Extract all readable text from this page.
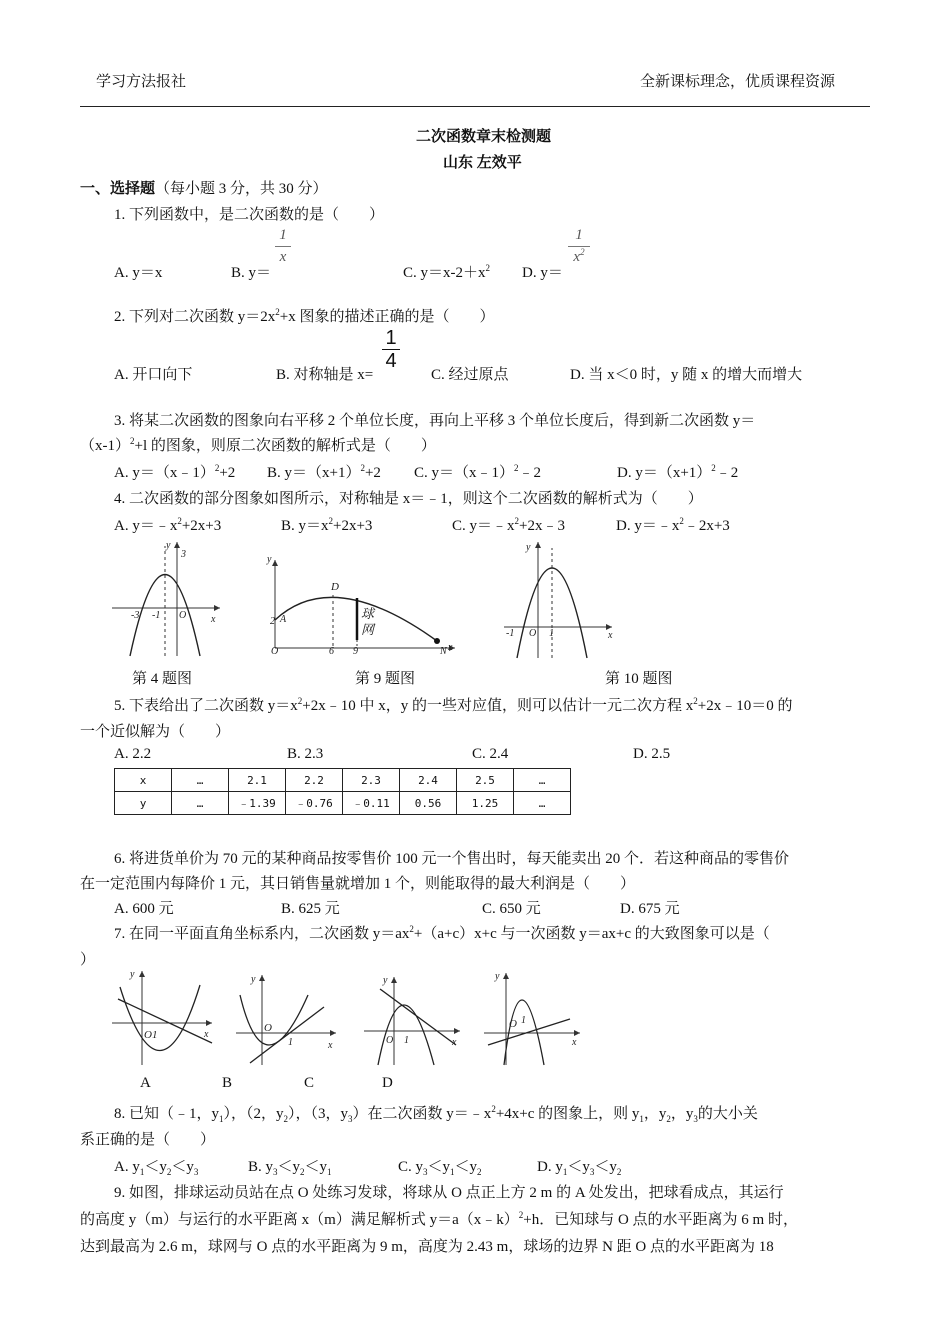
学习方法报社	全新课标理念，优质课程资源
二次函数章末检测题
山东 左效平
一、选择题（每小题 3 分，共 30 分）
1. 下列函数中，是二次函数的是（　　）
A. y＝x	B. y＝
1
x
C. $y=x-2+x^2$ D. y＝
1
$x^2$
2. 下列对二次函数 $y=2x^2+x$ 图象的描述正确的是（　　）
A. 开口向下	B. 对称轴是 x=
1
4
C. 经过原点	D. 当 x＜0 时，y 随 x 的增大而增大
3. 将某二次函数的图象向右平移 2 个单位长度，再向上平移 3 个单位长度后，得到新二次函数 y＝
$(x-1)^2+l$ 的图象，则原二次函数的解析式是（　　）
A. y＝（x﹣1）$^2$+2 B. $y=(x+1)^2+2$ C. y＝（x﹣1）$^2$﹣2	D. $y=(x+1)^2﹣2$
4. 二次函数的部分图象如图所示，对称轴是 x＝﹣1，则这个二次函数的解析式为（　　）
A. $y=﹣x^2+2x+3$	B. $y=x^2+2x+3$	C. $y=﹣x^2+2x﹣3$	D. $y=﹣x^2﹣2x+3$
y
x
3
-3 -1 O
第 4 题图
y
x
D
A
2
O	6 9	N
球
网
第 9 题图
y
x
-1 O 1
第 10 题图
5. 下表给出了二次函数 $y=x^2+2x﹣10$ 中 x，y 的一些对应值，则可以估计一元二次方程 $x^2+2x﹣10=0$ 的
一个近似解为（　　）
A. 2.2	B. 2.3	C. 2.4	D. 2.5
x	…	2.1	2.2	2.3	2.4	2.5	…
y	…	﹣1.39	﹣0.76	﹣0.11	0.56	1.25	…
6. 将进货单价为 70 元的某种商品按零售价 100 元一个售出时，每天能卖出 20 个．若这种商品的零售价
在一定范围内每降价 1 元，其日销售量就增加 1 个，则能取得的最大利润是（　　）
A. 600 元	B. 625 元	C. 650 元	D. 675 元
7. 在同一平面直角坐标系内，二次函数 $y=ax^2+(a+c)x+c$ 与一次函数 y＝ax+c 的大致图象可以是（
）
y
x
O1
y
x
O
1
y
x
O 1
y
x
O 1
A	B	C	D
8. 已知（﹣1，$y_1$），（2，$y_2$），（3，$y_3$）在二次函数 $y=﹣x^2+4x+c$ 的图象上，则 $y_1$，$y_2$，$y_3$的大小关
系正确的是（　　）
A. $y_1<y_2<y_3$	B. $y_3<y_2<y_1$	C. $y_3<y_1<y_2$	D. $y_1<y_3<y_2$
9. 如图，排球运动员站在点 O 处练习发球，将球从 O 点正上方 2 m 的 A 处发出，把球看成点，其运行
的高度 y（m）与运行的水平距离 x（m）满足解析式 y＝a（x﹣k）$^2$+h．已知球与 O 点的水平距离为 6 m 时，
达到最高为 2.6 m，球网与 O 点的水平距离为 9 m，高度为 2.43 m，球场的边界 N 距 O 点的水平距离为 18
